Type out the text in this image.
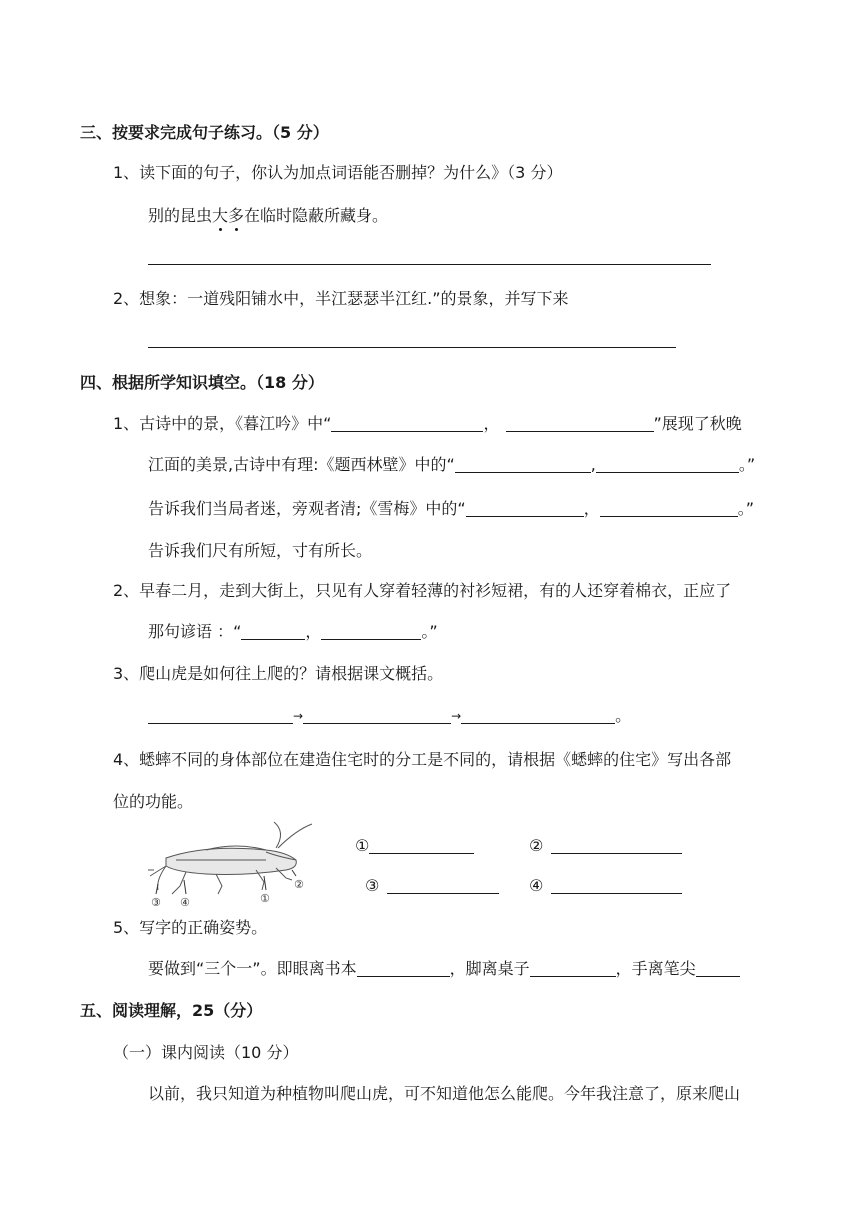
三、按要求完成句子练习。（5 分）
1、读下面的句子，你认为加点词语能否删掉？为什么》（3 分）
别的昆虫大多在临时隐蔽所藏身。
2、想象：一道残阳铺水中，半江瑟瑟半江红.”的景象，并写下来
四、根据所学知识填空。（18 分）
1、古诗中的景，《暮江吟》中“	，	”展现了秋晚
江面的美景,古诗中有理:《题西林壁》中的“	,	。”
告诉我们当局者迷，旁观者清;《雪梅》中的“	，	。”
告诉我们尺有所短，寸有所长。
2、早春二月，走到大街上，只见有人穿着轻薄的衬衫短裙，有的人还穿着棉衣，正应了
那句谚语 ：“	，	。”
3、爬山虎是如何往上爬的？请根据课文概括。
→	→	。
4、蟋蟀不同的身体部位在建造住宅时的分工是不同的，请根据《蟋蟀的住宅》写出各部
位的功能。
③ ④	①
②
①	②
③	④
5、写字的正确姿势。
要做到“三个一”。即眼离书本	，脚离桌子	，手离笔尖
五、阅读理解，25（分）
（一）课内阅读（10 分）
以前，我只知道为种植物叫爬山虎，可不知道他怎么能爬。今年我注意了，原来爬山
